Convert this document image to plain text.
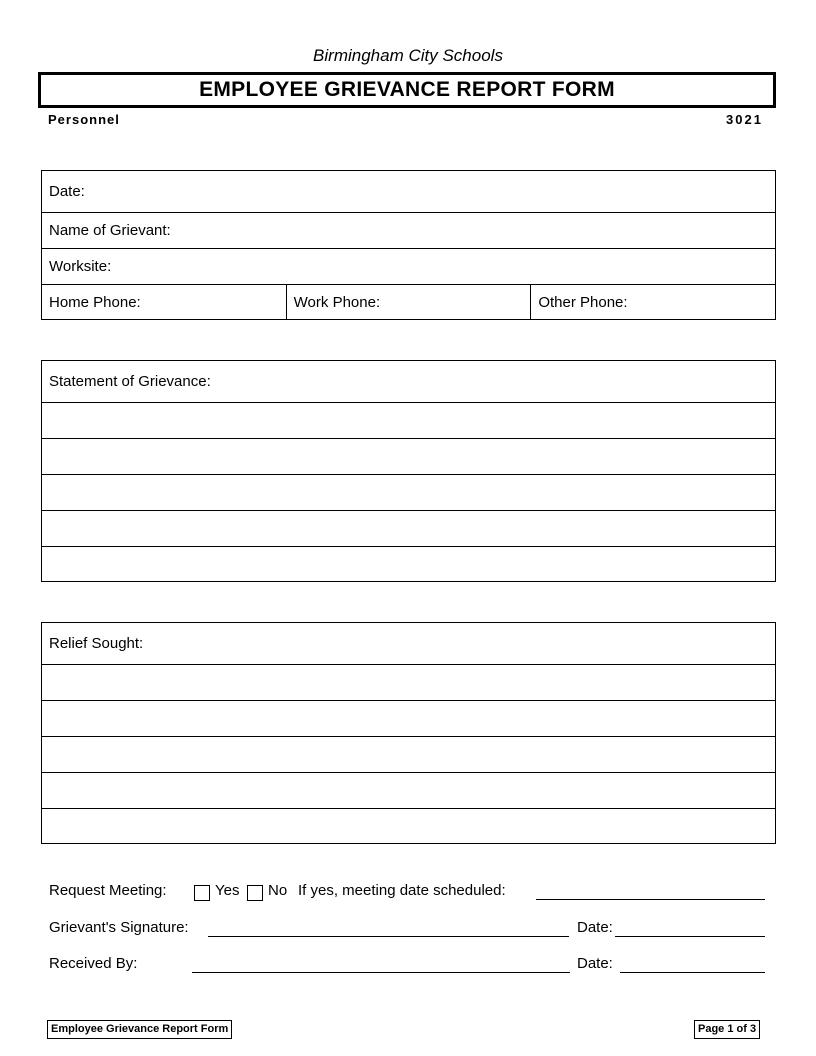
Birmingham City Schools
EMPLOYEE GRIEVANCE REPORT FORM
Personnel	3021
Date:
Name of Grievant:
Worksite:
Home Phone:	Work Phone:	Other Phone:
Statement of Grievance:
Relief Sought:
Request Meeting:	Yes No If yes, meeting date scheduled:
Grievant's Signature:	Date:
Received By:	Date:
Employee Grievance Report Form	Page 1 of 3
